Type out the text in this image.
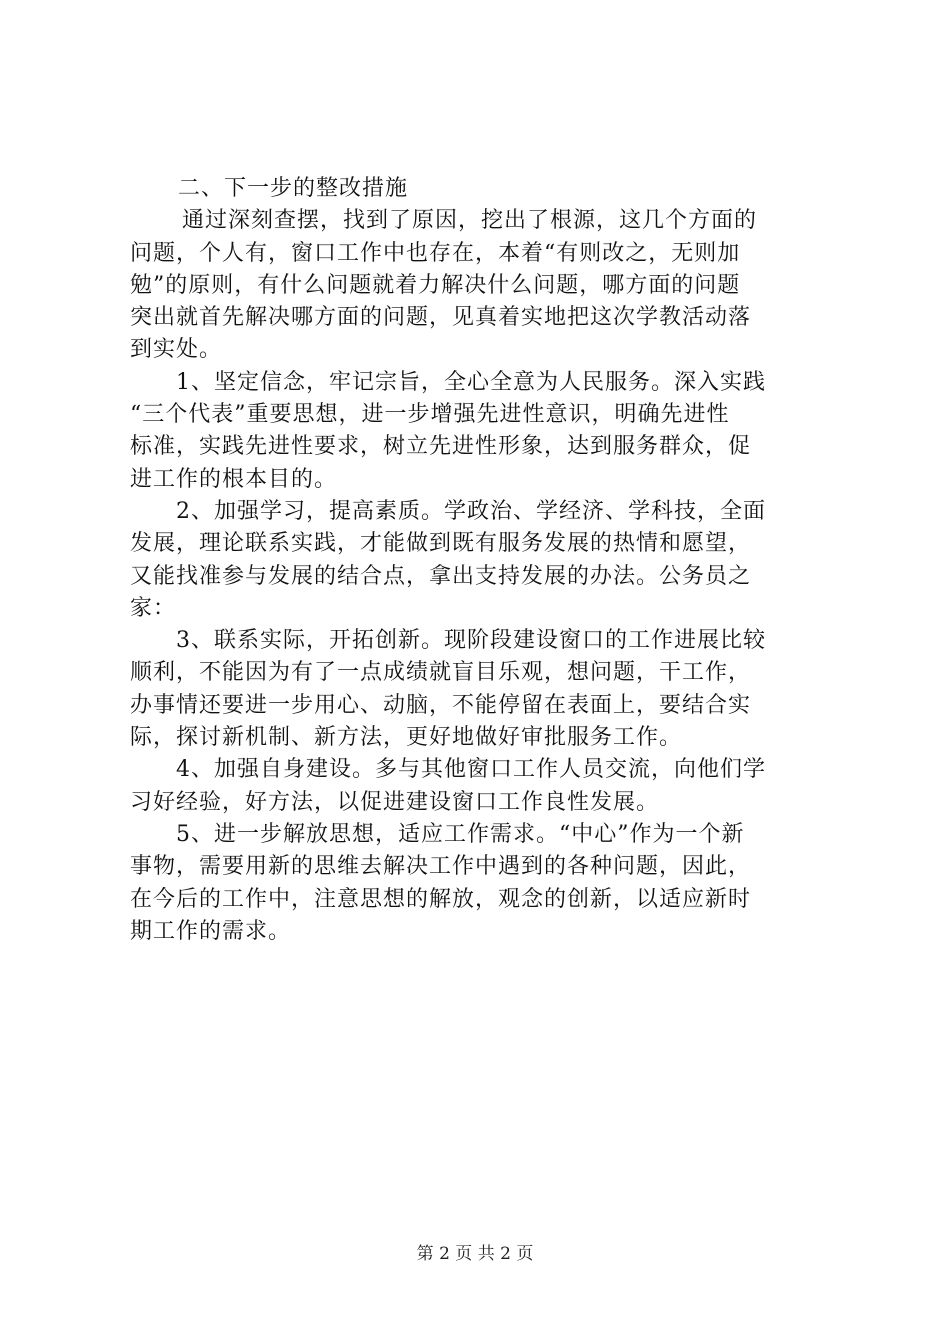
二、下一步的整改措施
通过深刻查摆，找到了原因，挖出了根源，这几个方面的
问题，个人有，窗口工作中也存在，本着“有则改之，无则加
勉”的原则，有什么问题就着力解决什么问题，哪方面的问题
突出就首先解决哪方面的问题，见真着实地把这次学教活动落
到实处。
1、坚定信念，牢记宗旨，全心全意为人民服务。深入实践
“三个代表”重要思想，进一步增强先进性意识，明确先进性
标准，实践先进性要求，树立先进性形象，达到服务群众，促
进工作的根本目的。
2、加强学习，提高素质。学政治、学经济、学科技，全面
发展，理论联系实践，才能做到既有服务发展的热情和愿望，
又能找准参与发展的结合点，拿出支持发展的办法。公务员之
家：
3、联系实际，开拓创新。现阶段建设窗口的工作进展比较
顺利，不能因为有了一点成绩就盲目乐观，想问题，干工作，
办事情还要进一步用心、动脑，不能停留在表面上，要结合实
际，探讨新机制、新方法，更好地做好审批服务工作。
4、加强自身建设。多与其他窗口工作人员交流，向他们学
习好经验，好方法，以促进建设窗口工作良性发展。
5、进一步解放思想，适应工作需求。“中心”作为一个新
事物，需要用新的思维去解决工作中遇到的各种问题，因此，
在今后的工作中，注意思想的解放，观念的创新，以适应新时
期工作的需求。
第 2 页 共 2 页
